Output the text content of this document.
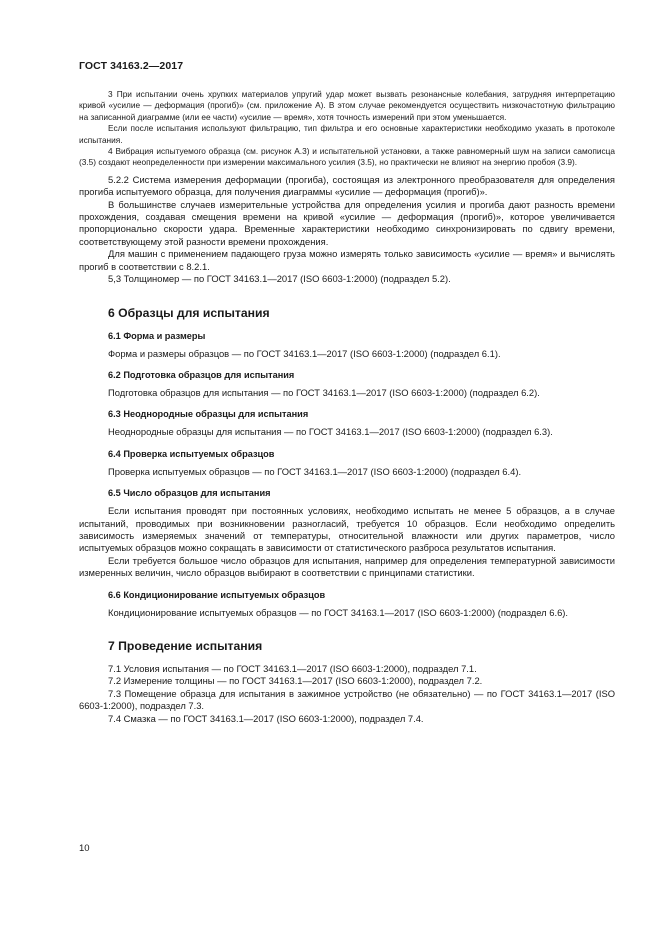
ГОСТ 34163.2—2017

3 При испытании очень хрупких материалов упругий удар может вызвать резонансные колебания, затрудняя интерпретацию кривой «усилие — деформация (прогиб)» (см. приложение А). В этом случае рекомендуется осуществить низкочастотную фильтрацию на записанной диаграмме (или ее части) «усилие — время», хотя точность измерений при этом уменьшается.

Если после испытания используют фильтрацию, тип фильтра и его основные характеристики необходимо указать в протоколе испытания.

4 Вибрация испытуемого образца (см. рисунок А.3) и испытательной установки, а также равномерный шум на записи самописца (3.5) создают неопределенности при измерении максимального усилия (3.5), но практически не влияют на энергию пробоя (3.9).

5.2.2 Система измерения деформации (прогиба), состоящая из электронного преобразователя для определения прогиба испытуемого образца, для получения диаграммы «усилие — деформация (прогиб)».

В большинстве случаев измерительные устройства для определения усилия и прогиба дают разность времени прохождения, создавая смещения времени на кривой «усилие — деформация (прогиб)», которое увеличивается пропорционально скорости удара. Временные характеристики необходимо синхронизировать по сдвигу времени, соответствующему этой разности времени прохождения.

Для машин с применением падающего груза можно измерять только зависимость «усилие — время» и вычислять прогиб в соответствии с 8.2.1.

5,3 Толщиномер — по ГОСТ 34163.1—2017 (ISO 6603-1:2000) (подраздел 5.2).

6 Образцы для испытания
6.1 Форма и размеры

Форма и размеры образцов — по ГОСТ 34163.1—2017 (ISO 6603-1:2000) (подраздел 6.1).

6.2 Подготовка образцов для испытания

Подготовка образцов для испытания — по ГОСТ 34163.1—2017 (ISO 6603-1:2000) (подраздел 6.2).

6.3 Неоднородные образцы для испытания

Неоднородные образцы для испытания — по ГОСТ 34163.1—2017 (ISO 6603-1:2000) (подраздел 6.3).

6.4 Проверка испытуемых образцов

Проверка испытуемых образцов — по ГОСТ 34163.1—2017 (ISO 6603-1:2000) (подраздел 6.4).

6.5 Число образцов для испытания

Если испытания проводят при постоянных условиях, необходимо испытать не менее 5 образцов, а в случае испытаний, проводимых при возникновении разногласий, требуется 10 образцов. Если необходимо определить зависимость измеряемых значений от температуры, относительной влажности или других параметров, число испытуемых образцов можно сокращать в зависимости от статистического разброса результатов испытания.

Если требуется большое число образцов для испытания, например для определения температурной зависимости измеренных величин, число образцов выбирают в соответствии с принципами статистики.

6.6 Кондиционирование испытуемых образцов

Кондиционирование испытуемых образцов — по ГОСТ 34163.1—2017 (ISO 6603-1:2000) (подраздел 6.6).

7 Проведение испытания

7.1 Условия испытания — по ГОСТ 34163.1—2017 (ISO 6603-1:2000), подраздел 7.1.

7.2 Измерение толщины — по ГОСТ 34163.1—2017 (ISO 6603-1:2000), подраздел 7.2.

7.3 Помещение образца для испытания в зажимное устройство (не обязательно) — по ГОСТ 34163.1—2017 (ISO 6603-1:2000), подраздел 7.3.

7.4 Смазка — по ГОСТ 34163.1—2017 (ISO 6603-1:2000), подраздел 7.4.

10
